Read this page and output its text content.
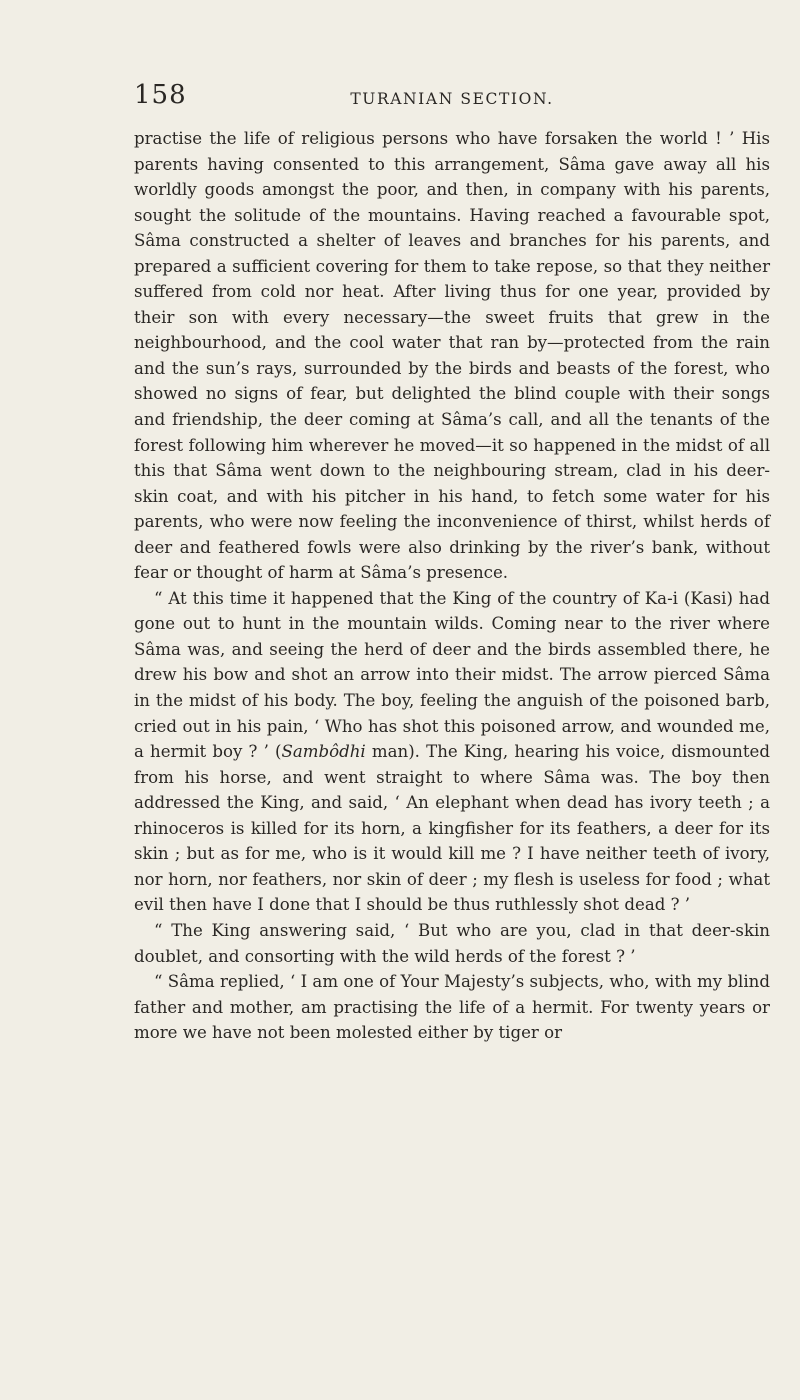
158	TURANIAN SECTION.

practise the life of religious persons who have forsaken the world ! ’ His parents having consented to this arrangement, Sâma gave away all his worldly goods amongst the poor, and then, in company with his parents, sought the solitude of the mountains. Having reached a favourable spot, Sâma constructed a shelter of leaves and branches for his parents, and prepared a sufficient covering for them to take repose, so that they neither suffered from cold nor heat. After living thus for one year, provided by their son with every necessary—the sweet fruits that grew in the neighbourhood, and the cool water that ran by—protected from the rain and the sun’s rays, surrounded by the birds and beasts of the forest, who showed no signs of fear, but delighted the blind couple with their songs and friendship, the deer coming at Sâma’s call, and all the tenants of the forest following him wherever he moved—it so happened in the midst of all this that Sâma went down to the neighbouring stream, clad in his deer-skin coat, and with his pitcher in his hand, to fetch some water for his parents, who were now feeling the inconvenience of thirst, whilst herds of deer and feathered fowls were also drinking by the river’s bank, without fear or thought of harm at Sâma’s presence.

“ At this time it happened that the King of the country of Ka-i (Kasi) had gone out to hunt in the mountain wilds. Coming near to the river where Sâma was, and seeing the herd of deer and the birds assembled there, he drew his bow and shot an arrow into their midst. The arrow pierced Sâma in the midst of his body. The boy, feeling the anguish of the poisoned barb, cried out in his pain, ‘ Who has shot this poisoned arrow, and wounded me, a hermit boy ? ’ (Sambôdhi man). The King, hearing his voice, dismounted from his horse, and went straight to where Sâma was. The boy then addressed the King, and said, ‘ An elephant when dead has ivory teeth ; a rhinoceros is killed for its horn, a kingfisher for its feathers, a deer for its skin ; but as for me, who is it would kill me ? I have neither teeth of ivory, nor horn, nor feathers, nor skin of deer ; my flesh is useless for food ; what evil then have I done that I should be thus ruthlessly shot dead ? ’

“ The King answering said, ‘ But who are you, clad in that deer-skin doublet, and consorting with the wild herds of the forest ? ’

“ Sâma replied, ‘ I am one of Your Majesty’s subjects, who, with my blind father and mother, am practising the life of a hermit. For twenty years or more we have not been molested either by tiger or
